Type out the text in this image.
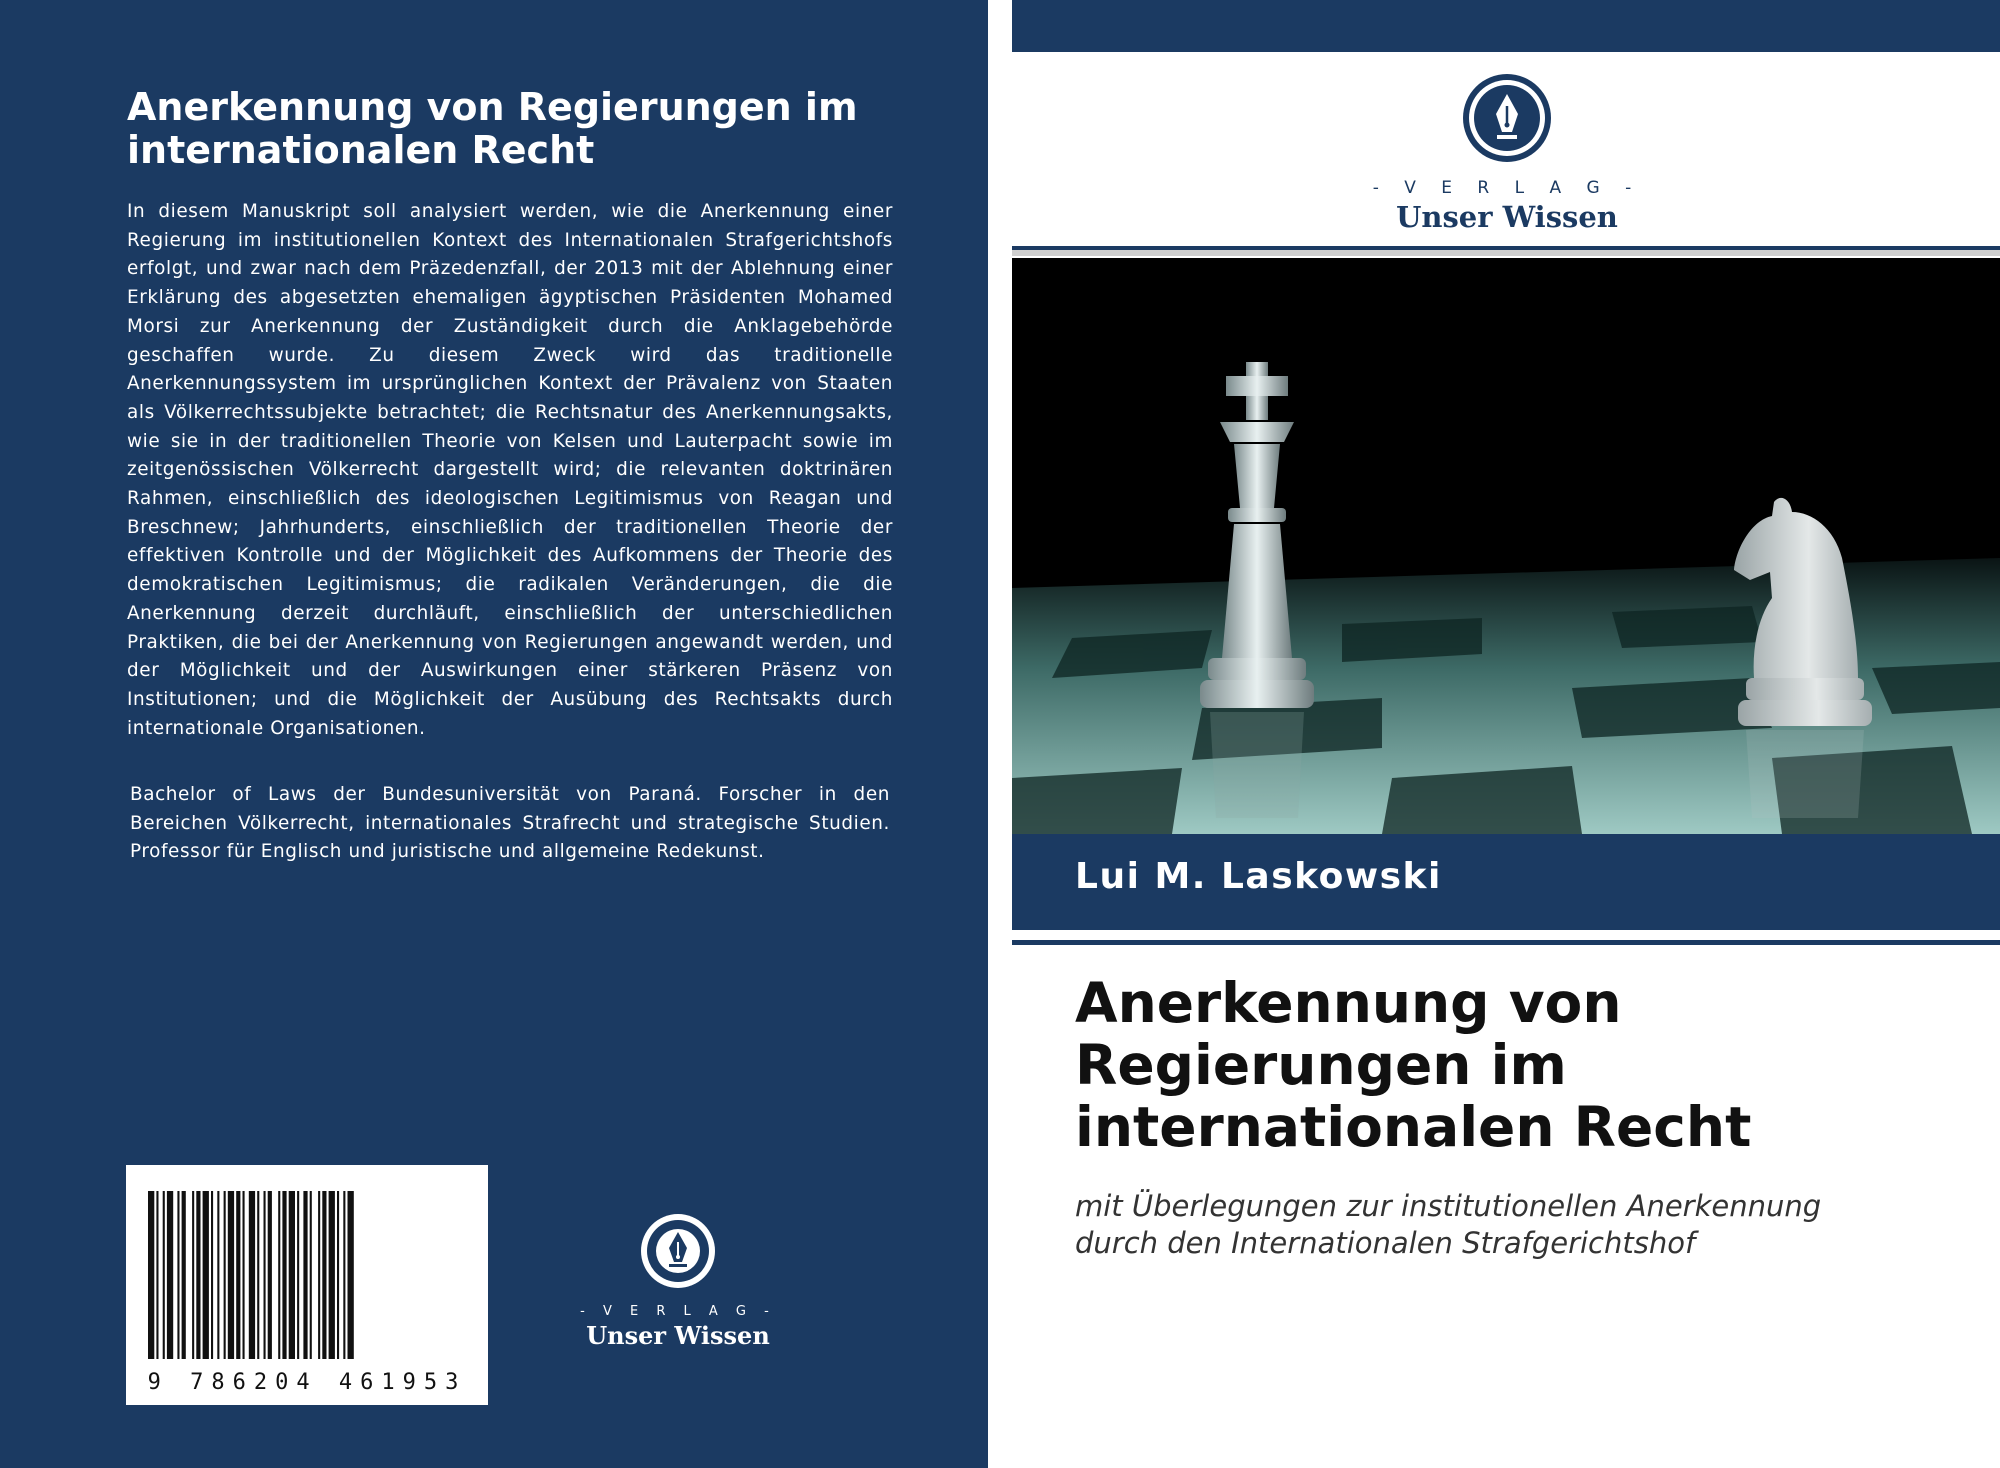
Anerkennung von Regierungen im internationalen Recht
In diesem Manuskript soll analysiert werden, wie die Anerkennung einer Regierung im institutionellen Kontext des Internationalen Strafgerichtshofs erfolgt, und zwar nach dem Präzedenzfall, der 2013 mit der Ablehnung einer Erklärung des abgesetzten ehemaligen ägyptischen Präsidenten Mohamed Morsi zur Anerkennung der Zuständigkeit durch die Anklagebehörde geschaffen wurde. Zu diesem Zweck wird das traditionelle Anerkennungssystem im ursprünglichen Kontext der Prävalenz von Staaten als Völkerrechtssubjekte betrachtet; die Rechtsnatur des Anerkennungsakts, wie sie in der traditionellen Theorie von Kelsen und Lauterpacht sowie im zeitgenössischen Völkerrecht dargestellt wird; die relevanten doktrinären Rahmen, einschließlich des ideologischen Legitimismus von Reagan und Breschnew; Jahrhunderts, einschließlich der traditionellen Theorie der effektiven Kontrolle und der Möglichkeit des Aufkommens der Theorie des demokratischen Legitimismus; die radikalen Veränderungen, die die Anerkennung derzeit durchläuft, einschließlich der unterschiedlichen Praktiken, die bei der Anerkennung von Regierungen angewandt werden, und der Möglichkeit und der Auswirkungen einer stärkeren Präsenz von Institutionen; und die Möglichkeit der Ausübung des Rechtsakts durch internationale Organisationen.
Bachelor of Laws der Bundesuniversität von Paraná. Forscher in den Bereichen Völkerrecht, internationales Strafrecht und strategische Studien. Professor für Englisch und juristische und allgemeine Redekunst.
9 786204 461953
- V E R L A G -
Unser Wissen
- V E R L A G -
Unser Wissen
Lui M. Laskowski
Anerkennung von
Regierungen im
internationalen Recht
mit Überlegungen zur institutionellen Anerkennung
durch den Internationalen Strafgerichtshof
